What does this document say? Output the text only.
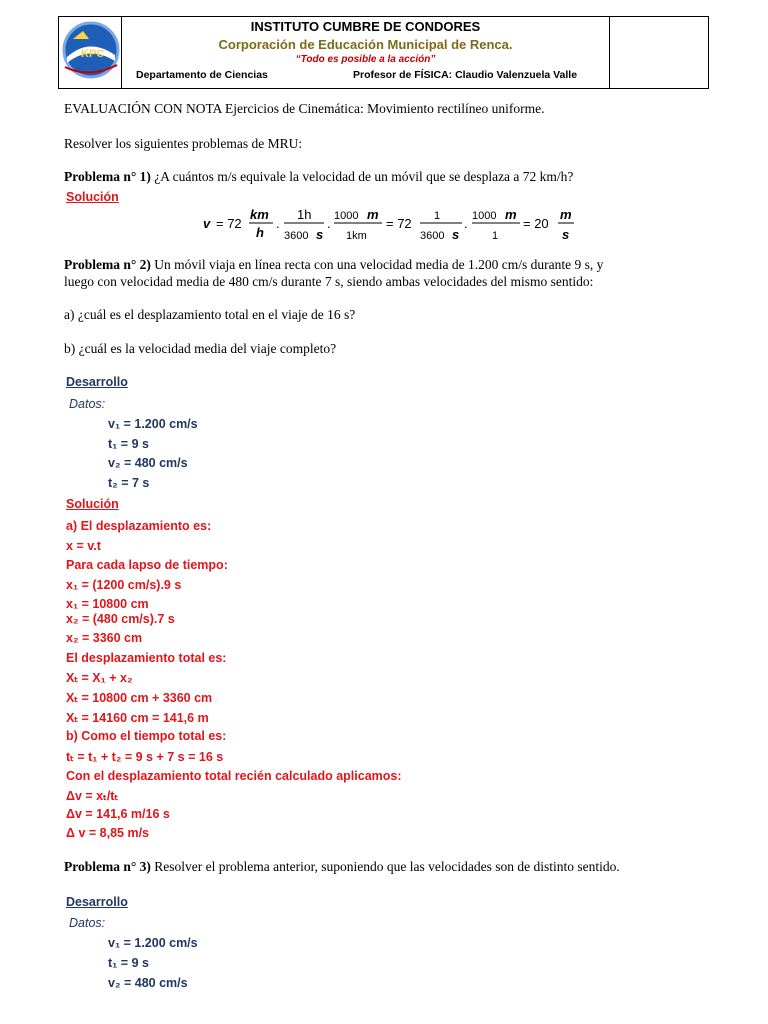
KPC

INSTITUTO CUMBRE DE CONDORES
Corporación de Educación Municipal de Renca.
“Todo es posible a la acción”
Departamento de Ciencias	Profesor de FÍSICA: Claudio Valenzuela Valle

EVALUACIÓN CON NOTA Ejercicios de Cinemática: Movimiento rectilíneo uniforme.
Resolver los siguientes problemas de MRU:
Problema n° 1) ¿A cuántos m/s equivale la velocidad de un móvil que se desplaza a 72 km/h?
Solución
v = 72
km
h
.
1h
3600 s
. 1000 m
1km
= 72 1
3600 s
. 1000 m
1
= 20
m
s
Problema n° 2) Un móvil viaja en línea recta con una velocidad media de 1.200 cm/s durante 9 s, y
luego con velocidad media de 480 cm/s durante 7 s, siendo ambas velocidades del mismo sentido:
a) ¿cuál es el desplazamiento total en el viaje de 16 s?
b) ¿cuál es la velocidad media del viaje completo?
Desarrollo
Datos:
v₁ = 1.200 cm/s
t₁ = 9 s
v₂ = 480 cm/s
t₂ = 7 s
Solución
a) El desplazamiento es:
x = v.t
Para cada lapso de tiempo:
x₁ = (1200 cm/s).9 s
x₁ = 10800 cm
x₂ = (480 cm/s).7 s
x₂ = 3360 cm
El desplazamiento total es:
Xₜ = X₁ + x₂
Xₜ = 10800 cm + 3360 cm
Xₜ = 14160 cm = 141,6 m
b) Como el tiempo total es:
tₜ = t₁ + t₂ = 9 s + 7 s = 16 s
Con el desplazamiento total recién calculado aplicamos:
Δv = xₜ/tₜ
Δv = 141,6 m/16 s
Δ v = 8,85 m/s
Problema n° 3) Resolver el problema anterior, suponiendo que las velocidades son de distinto sentido.
Desarrollo
Datos:
v₁ = 1.200 cm/s
t₁ = 9 s
v₂ = 480 cm/s
